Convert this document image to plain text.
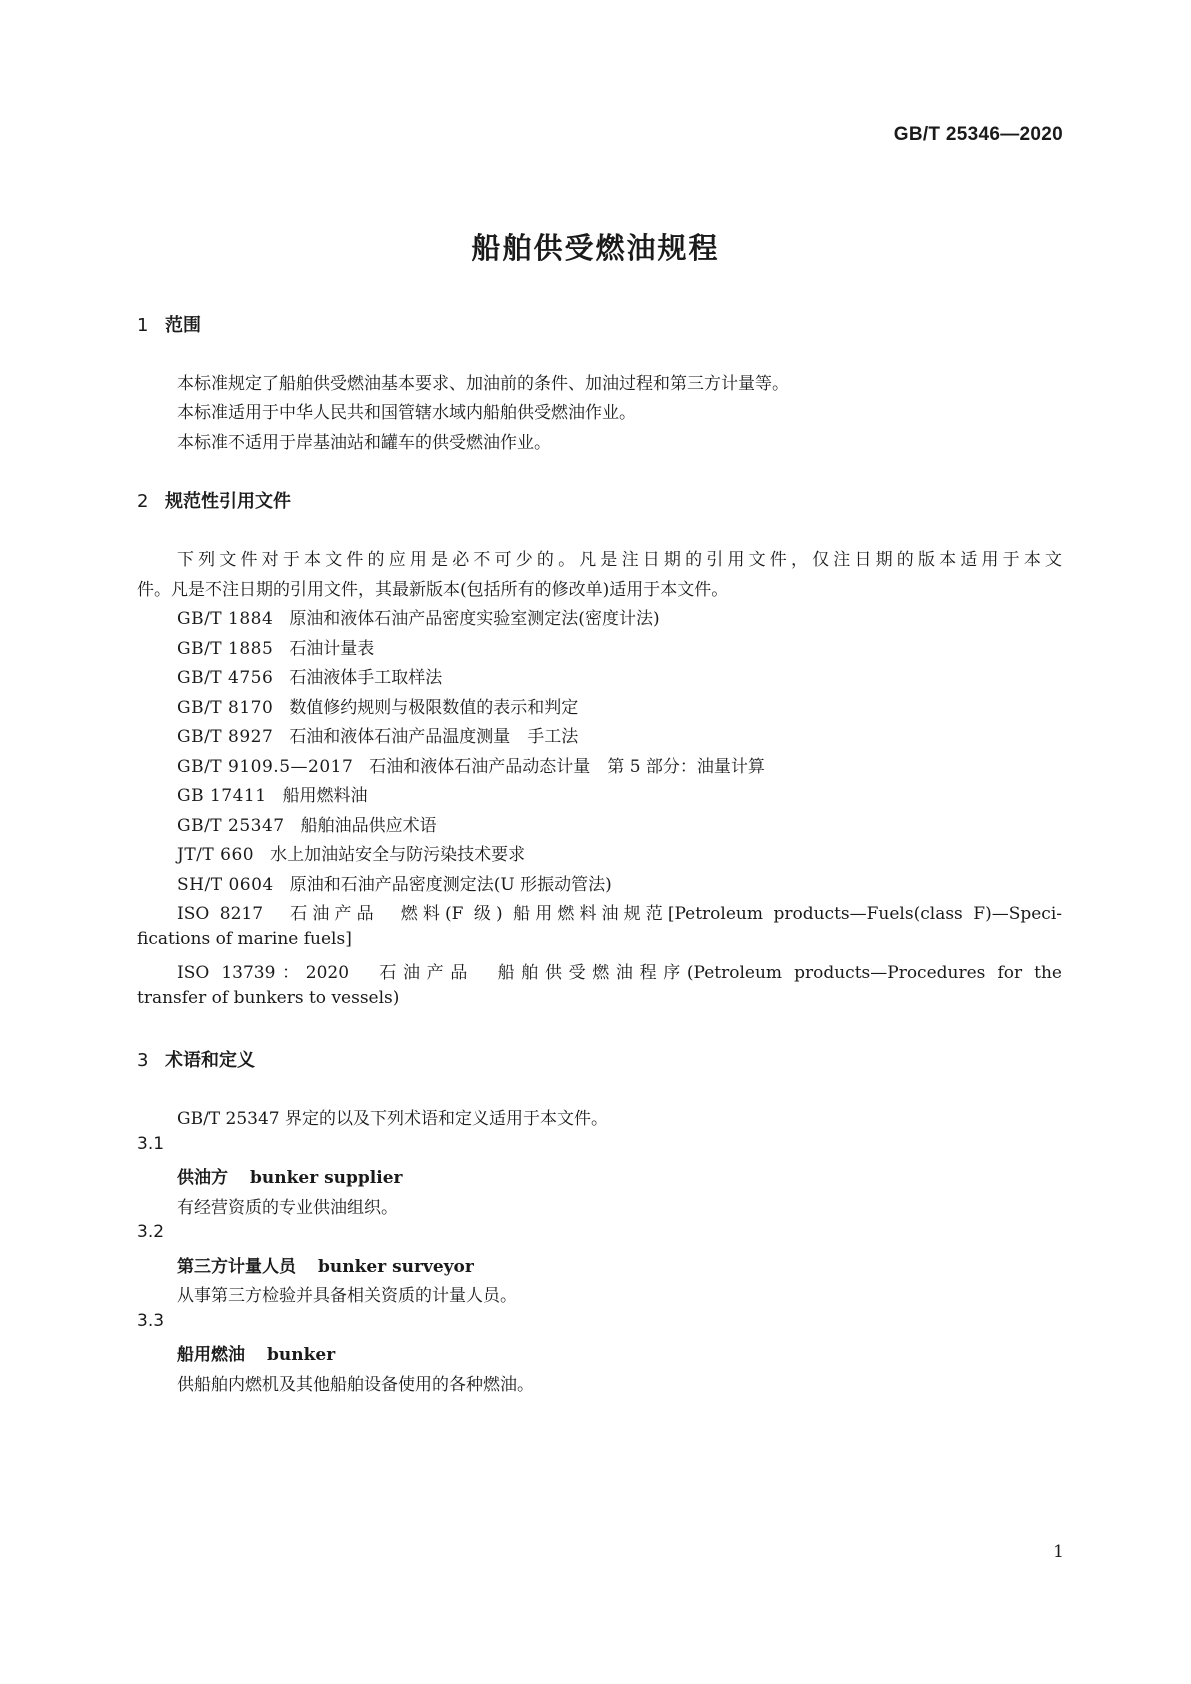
GB/T 25346—2020
船舶供受燃油规程
1 范围
本标准规定了船舶供受燃油基本要求、加油前的条件、加油过程和第三方计量等。
本标准适用于中华人民共和国管辖水域内船舶供受燃油作业。
本标准不适用于岸基油站和罐车的供受燃油作业。
2 规范性引用文件
下列文件对于本文件的应用是必不可少的。凡是注日期的引用文件，仅注日期的版本适用于本文
件。凡是不注日期的引用文件，其最新版本(包括所有的修改单)适用于本文件。
GB/T 1884 原油和液体石油产品密度实验室测定法(密度计法)
GB/T 1885 石油计量表
GB/T 4756 石油液体手工取样法
GB/T 8170 数值修约规则与极限数值的表示和判定
GB/T 8927 石油和液体石油产品温度测量　手工法
GB/T 9109.5—2017 石油和液体石油产品动态计量　第 5 部分：油量计算
GB 17411 船用燃料油
GB/T 25347 船舶油品供应术语
JT/T 660 水上加油站安全与防污染技术要求
SH/T 0604 原油和石油产品密度测定法(U 形振动管法)
ISO 8217　石油产品　燃料(F 级) 船用燃料油规范[Petroleum products—Fuels(class F)—Speci-
fications of marine fuels]
ISO 13739：2020　石油产品　船舶供受燃油程序(Petroleum products—Procedures for the
transfer of bunkers to vessels)
3 术语和定义
GB/T 25347 界定的以及下列术语和定义适用于本文件。
3.1
供油方 bunker supplier
有经营资质的专业供油组织。
3.2
第三方计量人员 bunker surveyor
从事第三方检验并具备相关资质的计量人员。
3.3
船用燃油 bunker
供船舶内燃机及其他船舶设备使用的各种燃油。
1
